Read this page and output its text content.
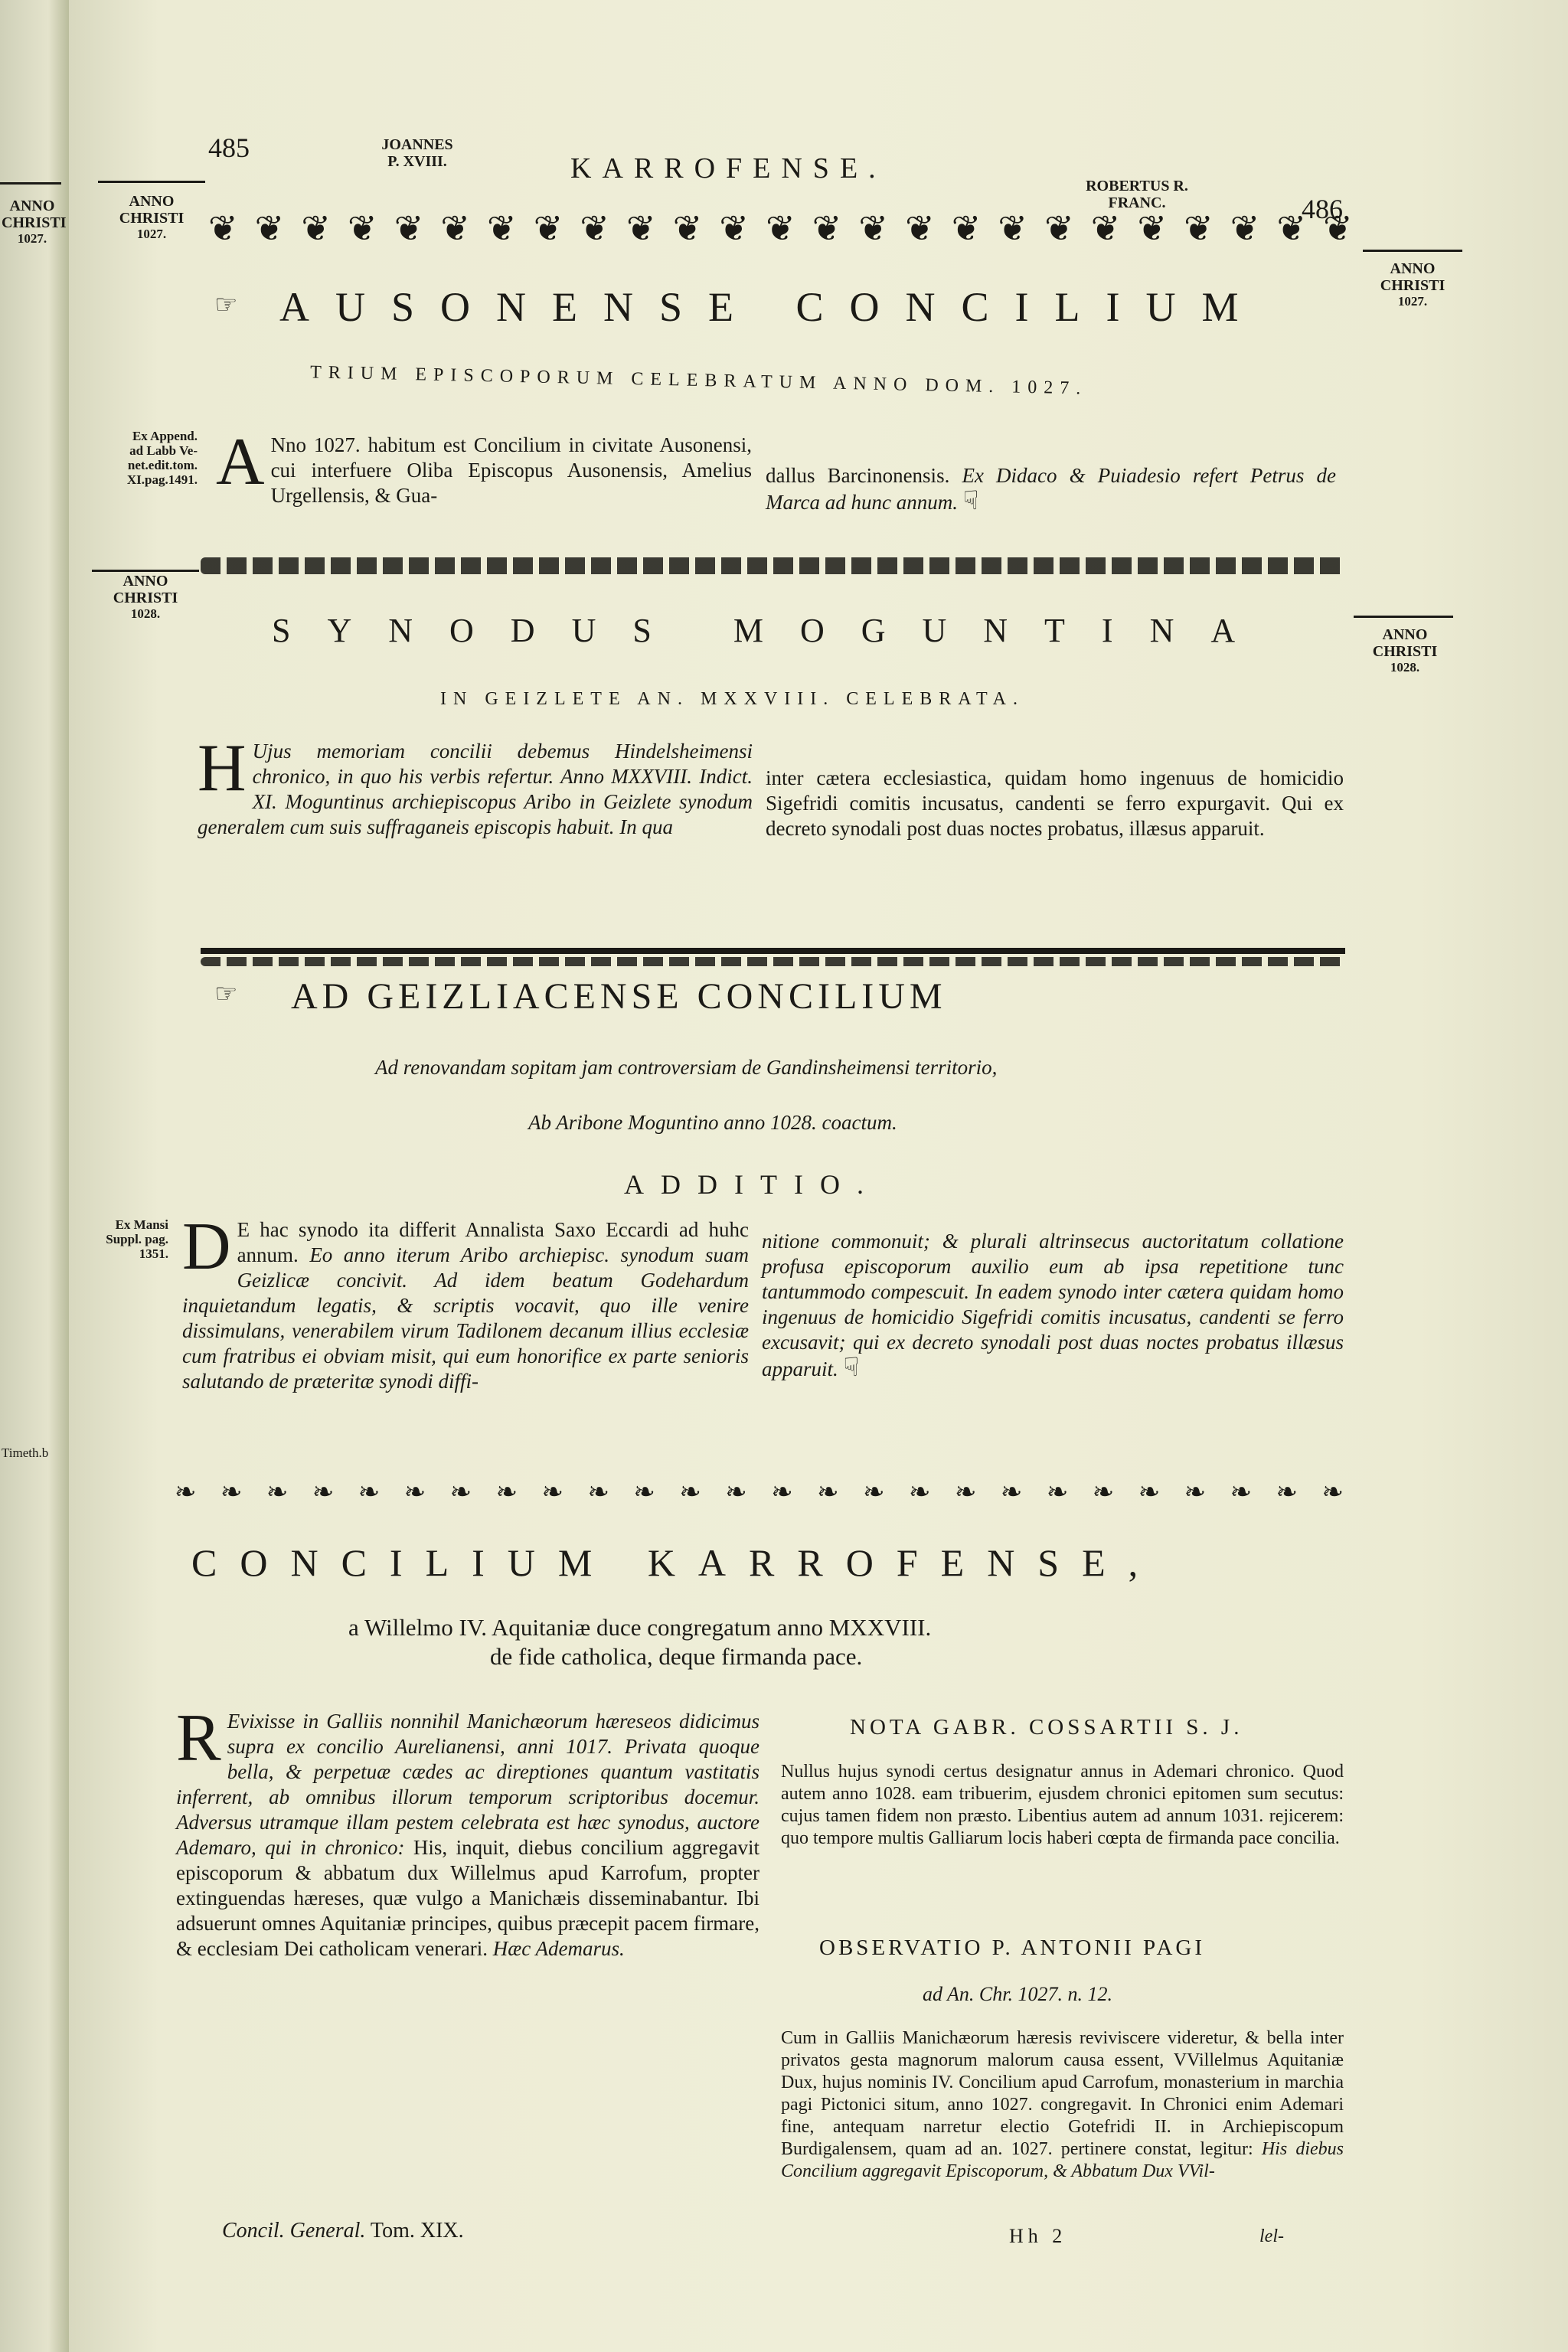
ANNO
CHRISTI
1027.
Timeth.b
485	JOANNES
P. XVIII.	KARROFENSE.
ROBERTUS R.
FRANC.	486
ANNO
CHRISTI
1027.
ANNO
CHRISTI
1027.
❦ ❦ ❦ ❦ ❦ ❦ ❦ ❦ ❦ ❦ ❦ ❦ ❦ ❦ ❦ ❦ ❦ ❦ ❦ ❦ ❦ ❦ ❦ ❦ ❦
☞ AUSONENSE CONCILIUM
TRIUM EPISCOPORUM CELEBRATUM ANNO DOM. 1027.
Ex Append.
ad Labb Ve-
net.edit.tom.
XI.pag.1491. A Nno 1027. habitum est Concilium in civitate Ausonensi, cui interfuere Oliba Episcopus Ausonensis, Amelius Urgellensis, & Gua-
dallus Barcinonensis. Ex Didaco & Puiadesio refert Petrus de Marca ad hunc annum. ☟
ANNO
CHRISTI
1028.
ANNO
CHRISTI
1028.
SYNODUS MOGUNTINA
IN GEIZLETE AN. MXXVIII. CELEBRATA.
H Ujus memoriam concilii debemus Hindelsheimensi chronico, in quo his verbis refertur. Anno MXXVIII. Indict. XI. Moguntinus archiepiscopus Aribo in Geizlete synodum generalem cum suis suffraganeis episcopis habuit. In qua
inter cætera ecclesiastica, quidam homo ingenuus de homicidio Sigefridi comitis incusatus, candenti se ferro expurgavit. Qui ex decreto synodali post duas noctes probatus, illæsus apparuit.
☞ AD GEIZLIACENSE CONCILIUM
Ad renovandam sopitam jam controversiam de Gandinsheimensi territorio,
Ab Aribone Moguntino anno 1028. coactum.
ADDITIO.
Ex Mansi
Suppl. pag.
1351. D E hac synodo ita differit Annalista Saxo Eccardi ad huhc annum. Eo anno iterum Aribo archiepisc. synodum suam Geizlicæ concivit. Ad idem beatum Godehardum inquietandum legatis, & scriptis vocavit, quo ille venire dissimulans, venerabilem virum Tadilonem decanum illius ecclesiæ cum fratribus ei obviam misit, qui eum honorifice ex parte senioris salutando de præteritæ synodi diffi-
nitione commonuit; & plurali altrinsecus auctoritatum collatione profusa episcoporum auxilio eum ab ipsa repetitione tunc tantummodo compescuit. In eadem synodo inter cætera quidam homo ingenuus de homicidio Sigefridi comitis incusatus, candenti se ferro excusavit; qui ex decreto synodali post duas noctes probatus illæsus apparuit. ☟
❧ ❧ ❧ ❧ ❧ ❧ ❧ ❧ ❧ ❧ ❧ ❧ ❧ ❧ ❧ ❧ ❧ ❧ ❧ ❧ ❧ ❧ ❧ ❧ ❧ ❧
CONCILIUM KARROFENSE,
a Willelmo IV. Aquitaniæ duce congregatum anno MXXVIII.
de fide catholica, deque firmanda pace.
R Evixisse in Galliis nonnihil Manichæorum hæreseos didicimus supra ex concilio Aurelianensi, anni 1017. Privata quoque bella, & perpetuæ cædes ac direptiones quantum vastitatis inferrent, ab omnibus illorum temporum scriptoribus docemur. Adversus utramque illam pestem celebrata est hæc synodus, auctore Ademaro, qui in chronico: His, inquit, diebus concilium aggregavit episcoporum & abbatum dux Willelmus apud Karrofum, propter extinguendas hæreses, quæ vulgo a Manichæis disseminabantur. Ibi adsuerunt omnes Aquitaniæ principes, quibus præcepit pacem firmare, & ecclesiam Dei catholicam venerari. Hæc Ademarus.
NOTA GABR. COSSARTII S. J.
Nullus hujus synodi certus designatur annus in Ademari chronico. Quod autem anno 1028. eam tribuerim, ejusdem chronici epitomen sum secutus: cujus tamen fidem non præsto. Libentius autem ad annum 1031. rejicerem: quo tempore multis Galliarum locis haberi cœpta de firmanda pace concilia.
OBSERVATIO P. ANTONII PAGI
ad An. Chr. 1027. n. 12.
Cum in Galliis Manichæorum hæresis reviviscere videretur, & bella inter privatos gesta magnorum malorum causa essent, VVillelmus Aquitaniæ Dux, hujus nominis IV. Concilium apud Carrofum, monasterium in marchia pagi Pictonici situm, anno 1027. congregavit. In Chronici enim Ademari fine, antequam narretur electio Gotefridi II. in Archiepiscopum Burdigalensem, quam ad an. 1027. pertinere constat, legitur: His diebus Concilium aggregavit Episcoporum, & Abbatum Dux VVil-
Concil. General. Tom. XIX.	Hh 2	lel-
